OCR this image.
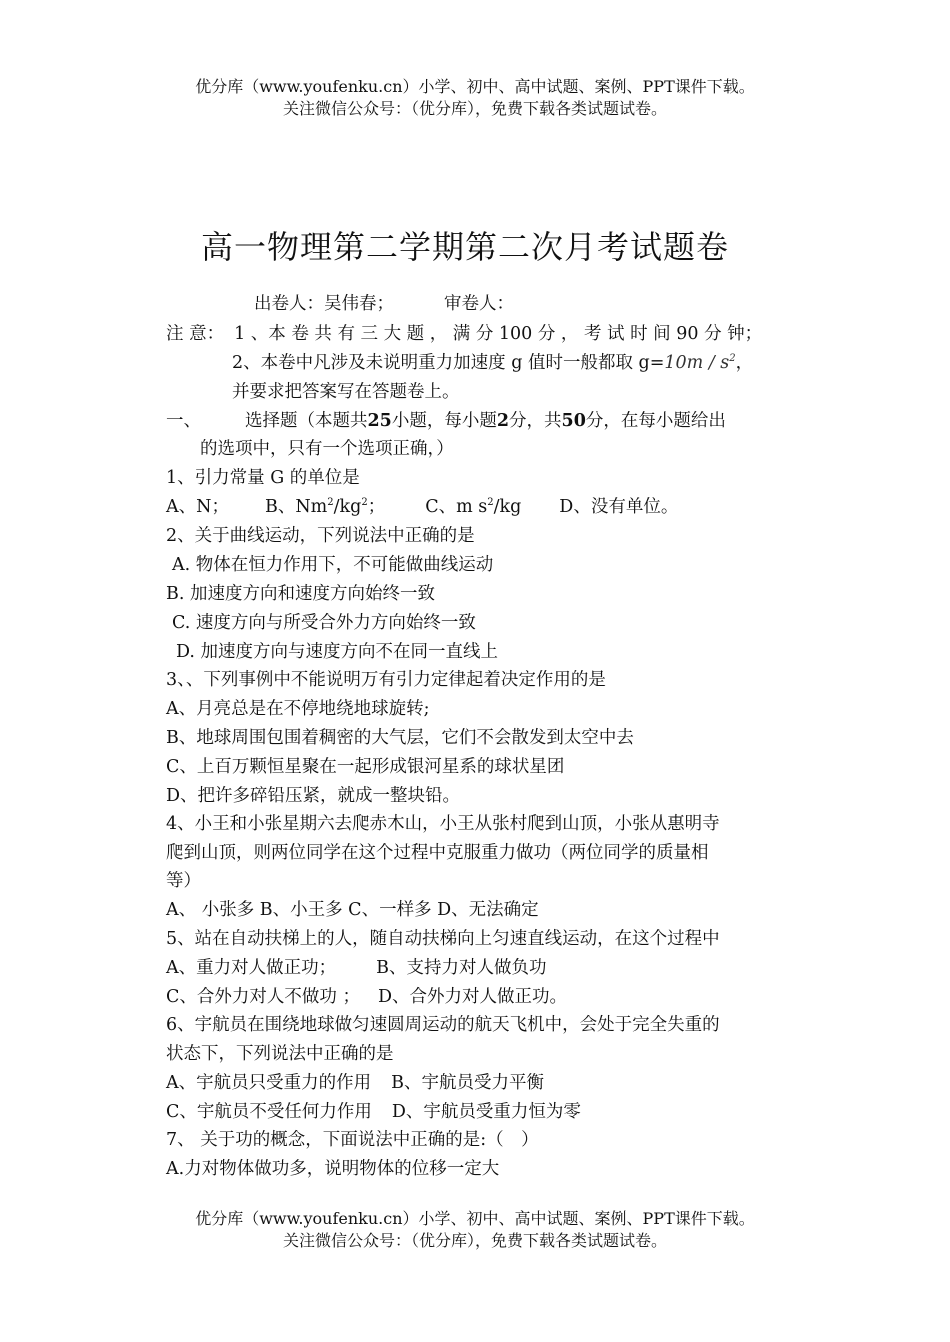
优分库（www.youfenku.cn）小学、初中、高中试题、案例、PPT课件下载。
关注微信公众号：（优分库），免费下载各类试题试卷。
高一物理第二学期第二次月考试题卷
出卷人：吴伟春；	审卷人：
注 意： 1 、本 卷 共 有 三 大 题 ， 满 分 100 分 ， 考 试 时 间 90 分 钟；
2、本卷中凡涉及未说明重力加速度 g 值时一般都取 $g=10m / s^2$，
并要求把答案写在答题卷上。
一、	选择题（本题共25小题，每小题2分，共50分，在每小题给出
的选项中，只有一个选项正确，）
1、引力常量 G 的单位是
A、N； B、$Nm^2/kg^2$； C、m $s^2/kg$ D、没有单位。
2、关于曲线运动，下列说法中正确的是
A. 物体在恒力作用下，不可能做曲线运动
B. 加速度方向和速度方向始终一致
C. 速度方向与所受合外力方向始终一致
D. 加速度方向与速度方向不在同一直线上
3、、下列事例中不能说明万有引力定律起着决定作用的是
A、月亮总是在不停地绕地球旋转;
B、地球周围包围着稠密的大气层，它们不会散发到太空中去
C、上百万颗恒星聚在一起形成银河星系的球状星团
D、把许多碎铅压紧，就成一整块铅。
4、小王和小张星期六去爬赤木山，小王从张村爬到山顶，小张从惠明寺
爬到山顶，则两位同学在这个过程中克服重力做功（两位同学的质量相
等）
A、 小张多 B、小王多 C、一样多 D、无法确定
5、站在自动扶梯上的人，随自动扶梯向上匀速直线运动，在这个过程中
A、重力对人做正功； B、支持力对人做负功
C、合外力对人不做功 ； D、合外力对人做正功。
6、宇航员在围绕地球做匀速圆周运动的航天飞机中，会处于完全失重的
状态下，下列说法中正确的是
A、宇航员只受重力的作用 B、宇航员受力平衡
C、宇航员不受任何力作用 D、宇航员受重力恒为零
7、 关于功的概念，下面说法中正确的是:（　）
A.力对物体做功多，说明物体的位移一定大
优分库（www.youfenku.cn）小学、初中、高中试题、案例、PPT课件下载。
关注微信公众号：（优分库），免费下载各类试题试卷。
